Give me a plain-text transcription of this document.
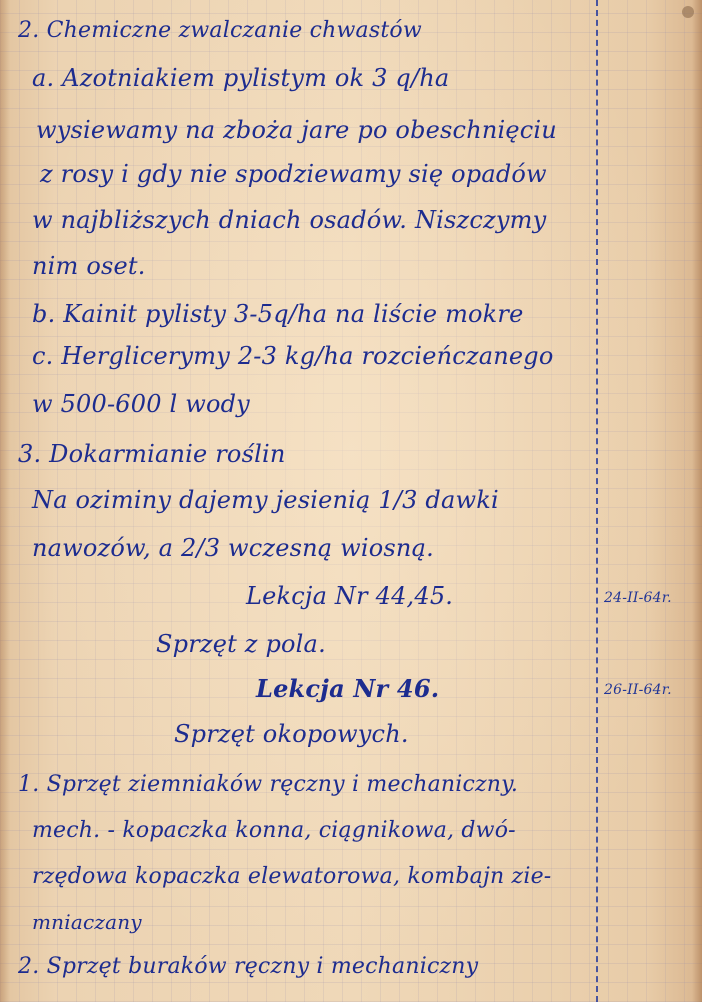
2. Chemiczne zwalczanie chwastów
a. Azotniakiem pylistym ok 3 q/ha
wysiewamy na zboża jare po obeschnięciu
z rosy i gdy nie spodziewamy się opadów
w najbliższych dniach osadów. Niszczymy
nim oset.
b. Kainit pylisty 3-5q/ha na liście mokre
c. Herglicerymy 2-3 kg/ha rozcieńczanego
w 500-600 l wody
3. Dokarmianie roślin
Na oziminy dajemy jesienią 1/3 dawki
nawozów, a 2/3 wczesną wiosną.
Lekcja Nr 44,45.	24-II-64r.
Sprzęt z pola.
Lekcja Nr 46.	26-II-64r.
Sprzęt okopowych.
1. Sprzęt ziemniaków ręczny i mechaniczny.
mech. - kopaczka konna, ciągnikowa, dwó-
rzędowa kopaczka elewatorowa, kombajn zie-
mniaczany
2. Sprzęt buraków ręczny i mechaniczny
